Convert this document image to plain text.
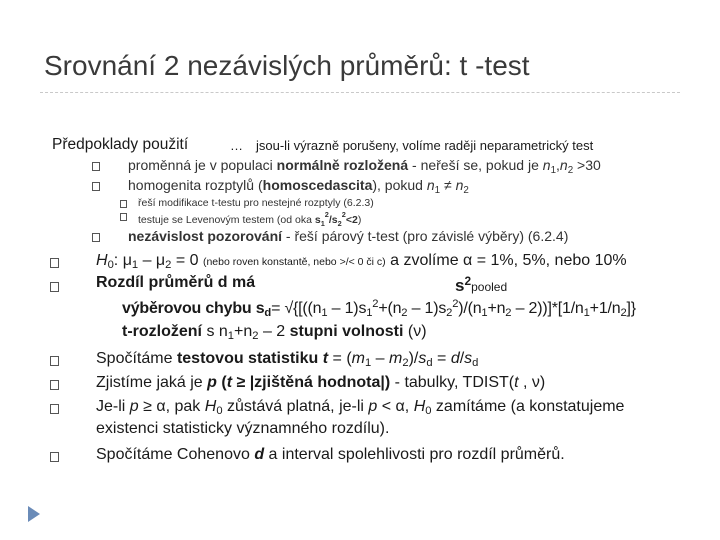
Srovnání 2 nezávislých průměrů: t -test
Předpoklady použití	… jsou-li výrazně porušeny, volíme raději neparametrický test
proměnná je v populaci normálně rozložená - neřeší se, pokud je $n_1,n_2 >30$
homogenita rozptylů (homoscedascita), pokud $n_1 \ne n_2$
řeší modifikace t-testu pro nestejné rozptyly (6.2.3)
testuje se Levenovým testem (od oka $s_1^2/s_2^2<2$)
nezávislost pozorování - řeší párový t-test (pro závislé výběry) (6.2.4)
$H_0$: $\mu_1 - \mu_2 = 0$ (nebo roven konstantě, nebo >/< 0 či c) a zvolíme α = 1%, 5%, nebo 10%
Rozdíl průměrů d má	$s^2pooled$
výběrovou chybu $s_d= √\{[((n_1 - 1)s_1^2+(n_2 - 1)s_2^2)/(n_1+n_2 - 2))]*[1/n_1+1/n_2]$}
t-rozložení s $n_1+n_2 - 2$ stupni volnosti (ν)
Spočítáme testovou statistiku $t = (m_1 - m_2)/s_d = d/s_d$
Zjistíme jaká je p (t ≥ |zjištěná hodnota|) - tabulky, TDIST(t , ν)
Je-li p ≥ α, pak $H_0$ zůstává platná, je-li p < α, $H_0$ zamítáme (a konstatujeme
existenci statisticky významného rozdílu).
Spočítáme Cohenovo d a interval spolehlivosti pro rozdíl průměrů.
